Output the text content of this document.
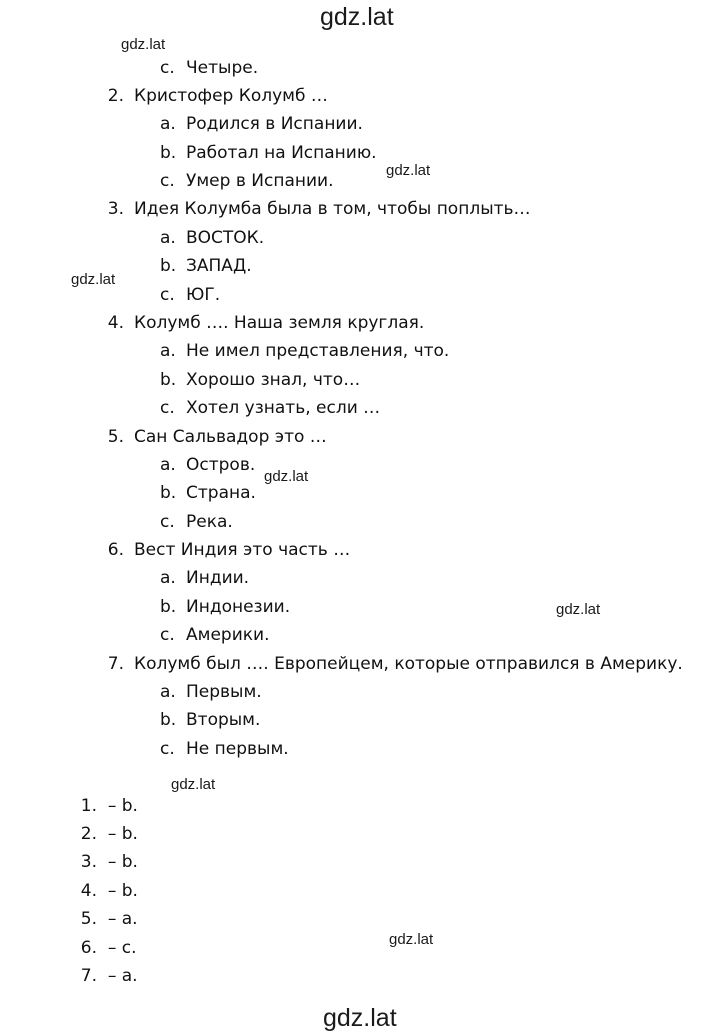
gdz.lat
gdz.lat
gdz.lat
gdz.lat
gdz.lat
gdz.lat
gdz.lat
gdz.lat
gdz.lat
c. Четыре.
2. Кристофер Колумб …
a. Родился в Испании.
b. Работал на Испанию.
c. Умер в Испании.
3. Идея Колумба была в том, чтобы поплыть…
a. ВОСТОК.
b. ЗАПАД.
c. ЮГ.
4. Колумб …. Наша земля круглая.
a. Не имел представления, что.
b. Хорошо знал, что…
c. Хотел узнать, если …
5. Сан Сальвадор это …
a. Остров.
b. Страна.
c. Река.
6. Вест Индия это часть …
a. Индии.
b. Индонезии.
c. Америки.
7. Колумб был …. Европейцем, которые отправился в Америку.
a. Первым.
b. Вторым.
c. Не первым.
1. – b.
2. – b.
3. – b.
4. – b.
5. – a.
6. – c.
7. – a.
